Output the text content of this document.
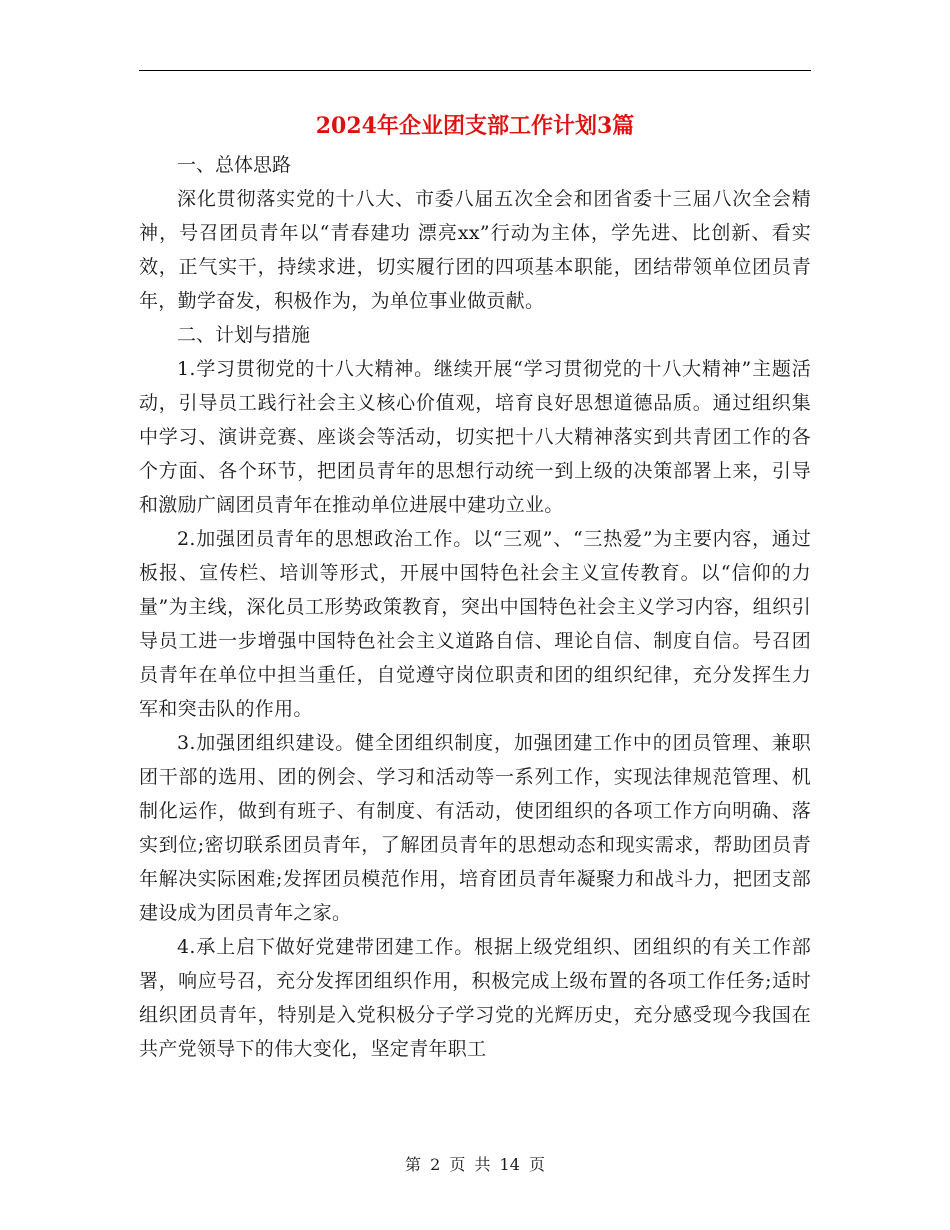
2024年企业团支部工作计划3篇

一、总体思路

深化贯彻落实党的十八大、市委八届五次全会和团省委十三届八次全会精神，号召团员青年以“青春建功 漂亮xx”行动为主体，学先进、比创新、看实效，正气实干，持续求进，切实履行团的四项基本职能，团结带领单位团员青年，勤学奋发，积极作为，为单位事业做贡献。

二、计划与措施

1.学习贯彻党的十八大精神。继续开展“学习贯彻党的十八大精神”主题活动，引导员工践行社会主义核心价值观，培育良好思想道德品质。通过组织集中学习、演讲竞赛、座谈会等活动，切实把十八大精神落实到共青团工作的各个方面、各个环节，把团员青年的思想行动统一到上级的决策部署上来，引导和激励广阔团员青年在推动单位进展中建功立业。

2.加强团员青年的思想政治工作。以“三观”、“三热爱”为主要内容，通过板报、宣传栏、培训等形式，开展中国特色社会主义宣传教育。以“信仰的力量”为主线，深化员工形势政策教育，突出中国特色社会主义学习内容，组织引导员工进一步增强中国特色社会主义道路自信、理论自信、制度自信。号召团员青年在单位中担当重任，自觉遵守岗位职责和团的组织纪律，充分发挥生力军和突击队的作用。

3.加强团组织建设。健全团组织制度，加强团建工作中的团员管理、兼职团干部的选用、团的例会、学习和活动等一系列工作，实现法律规范管理、机制化运作，做到有班子、有制度、有活动，使团组织的各项工作方向明确、落实到位;密切联系团员青年，了解团员青年的思想动态和现实需求，帮助团员青年解决实际困难;发挥团员模范作用，培育团员青年凝聚力和战斗力，把团支部建设成为团员青年之家。

4.承上启下做好党建带团建工作。根据上级党组织、团组织的有关工作部署，响应号召，充分发挥团组织作用，积极完成上级布置的各项工作任务;适时组织团员青年，特别是入党积极分子学习党的光辉历史，充分感受现今我国在共产党领导下的伟大变化，坚定青年职工

第 2 页 共 14 页
